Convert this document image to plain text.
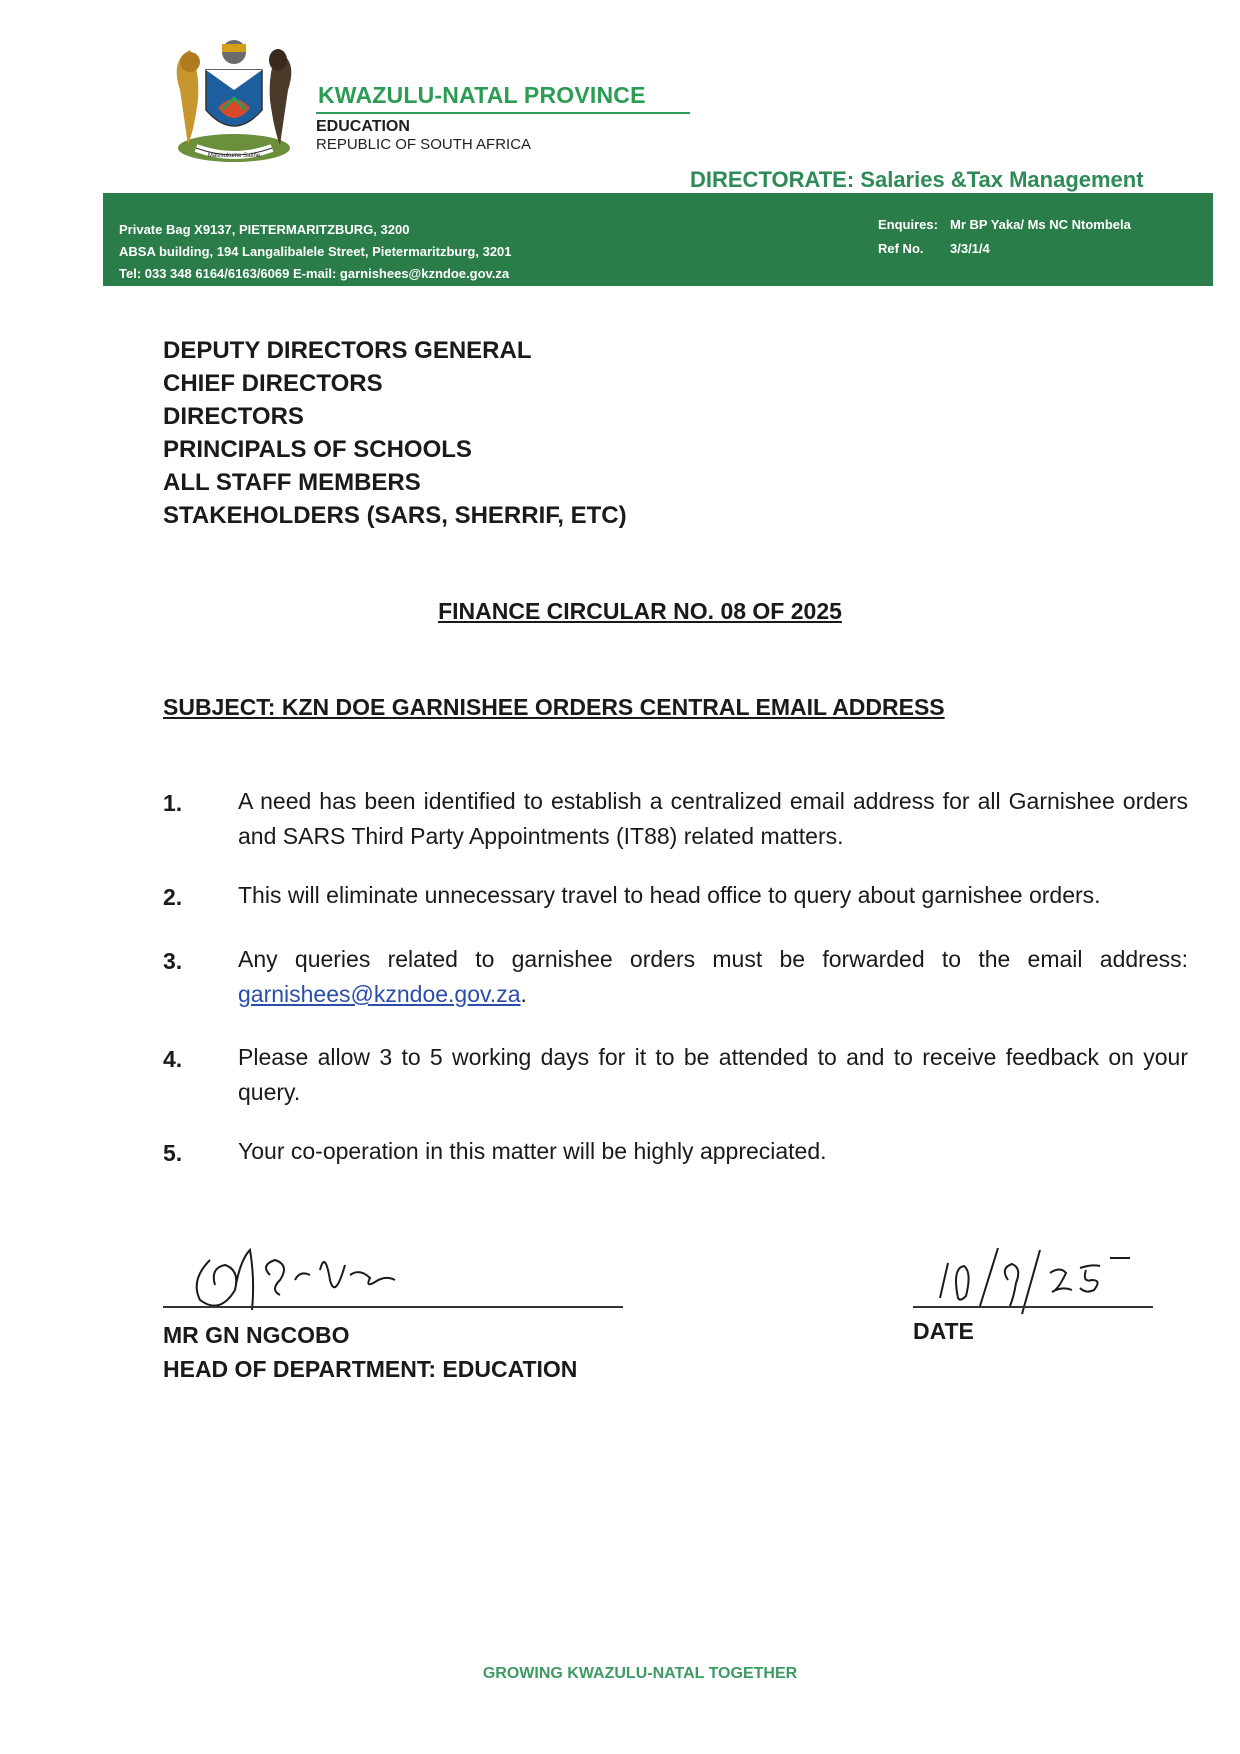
Masisukume Sakhe
KWAZULU-NATAL PROVINCE
EDUCATION
REPUBLIC OF SOUTH AFRICA
DIRECTORATE: Salaries &Tax Management
Private Bag X9137, PIETERMARITZBURG, 3200
ABSA building, 194 Langalibalele Street, Pietermaritzburg, 3201
Tel: 033 348 6164/6163/6069 E-mail: garnishees@kzndoe.gov.za
Enquires: Mr BP Yaka/ Ms NC Ntombela
Ref No. 3/3/1/4
DEPUTY DIRECTORS GENERAL
CHIEF DIRECTORS
DIRECTORS
PRINCIPALS OF SCHOOLS
ALL STAFF MEMBERS
STAKEHOLDERS (SARS, SHERRIF, ETC)
FINANCE CIRCULAR NO. 08 OF 2025
SUBJECT: KZN DOE GARNISHEE ORDERS CENTRAL EMAIL ADDRESS
1. A need has been identified to establish a centralized email address for all Garnishee orders and SARS Third Party Appointments (IT88) related matters.
2. This will eliminate unnecessary travel to head office to query about garnishee orders.
3. Any queries related to garnishee orders must be forwarded to the email address: garnishees@kzndoe.gov.za.
4. Please allow 3 to 5 working days for it to be attended to and to receive feedback on your query.
5. Your co-operation in this matter will be highly appreciated.
MR GN NGCOBO
HEAD OF DEPARTMENT: EDUCATION
10/9/25
DATE
GROWING KWAZULU-NATAL TOGETHER
